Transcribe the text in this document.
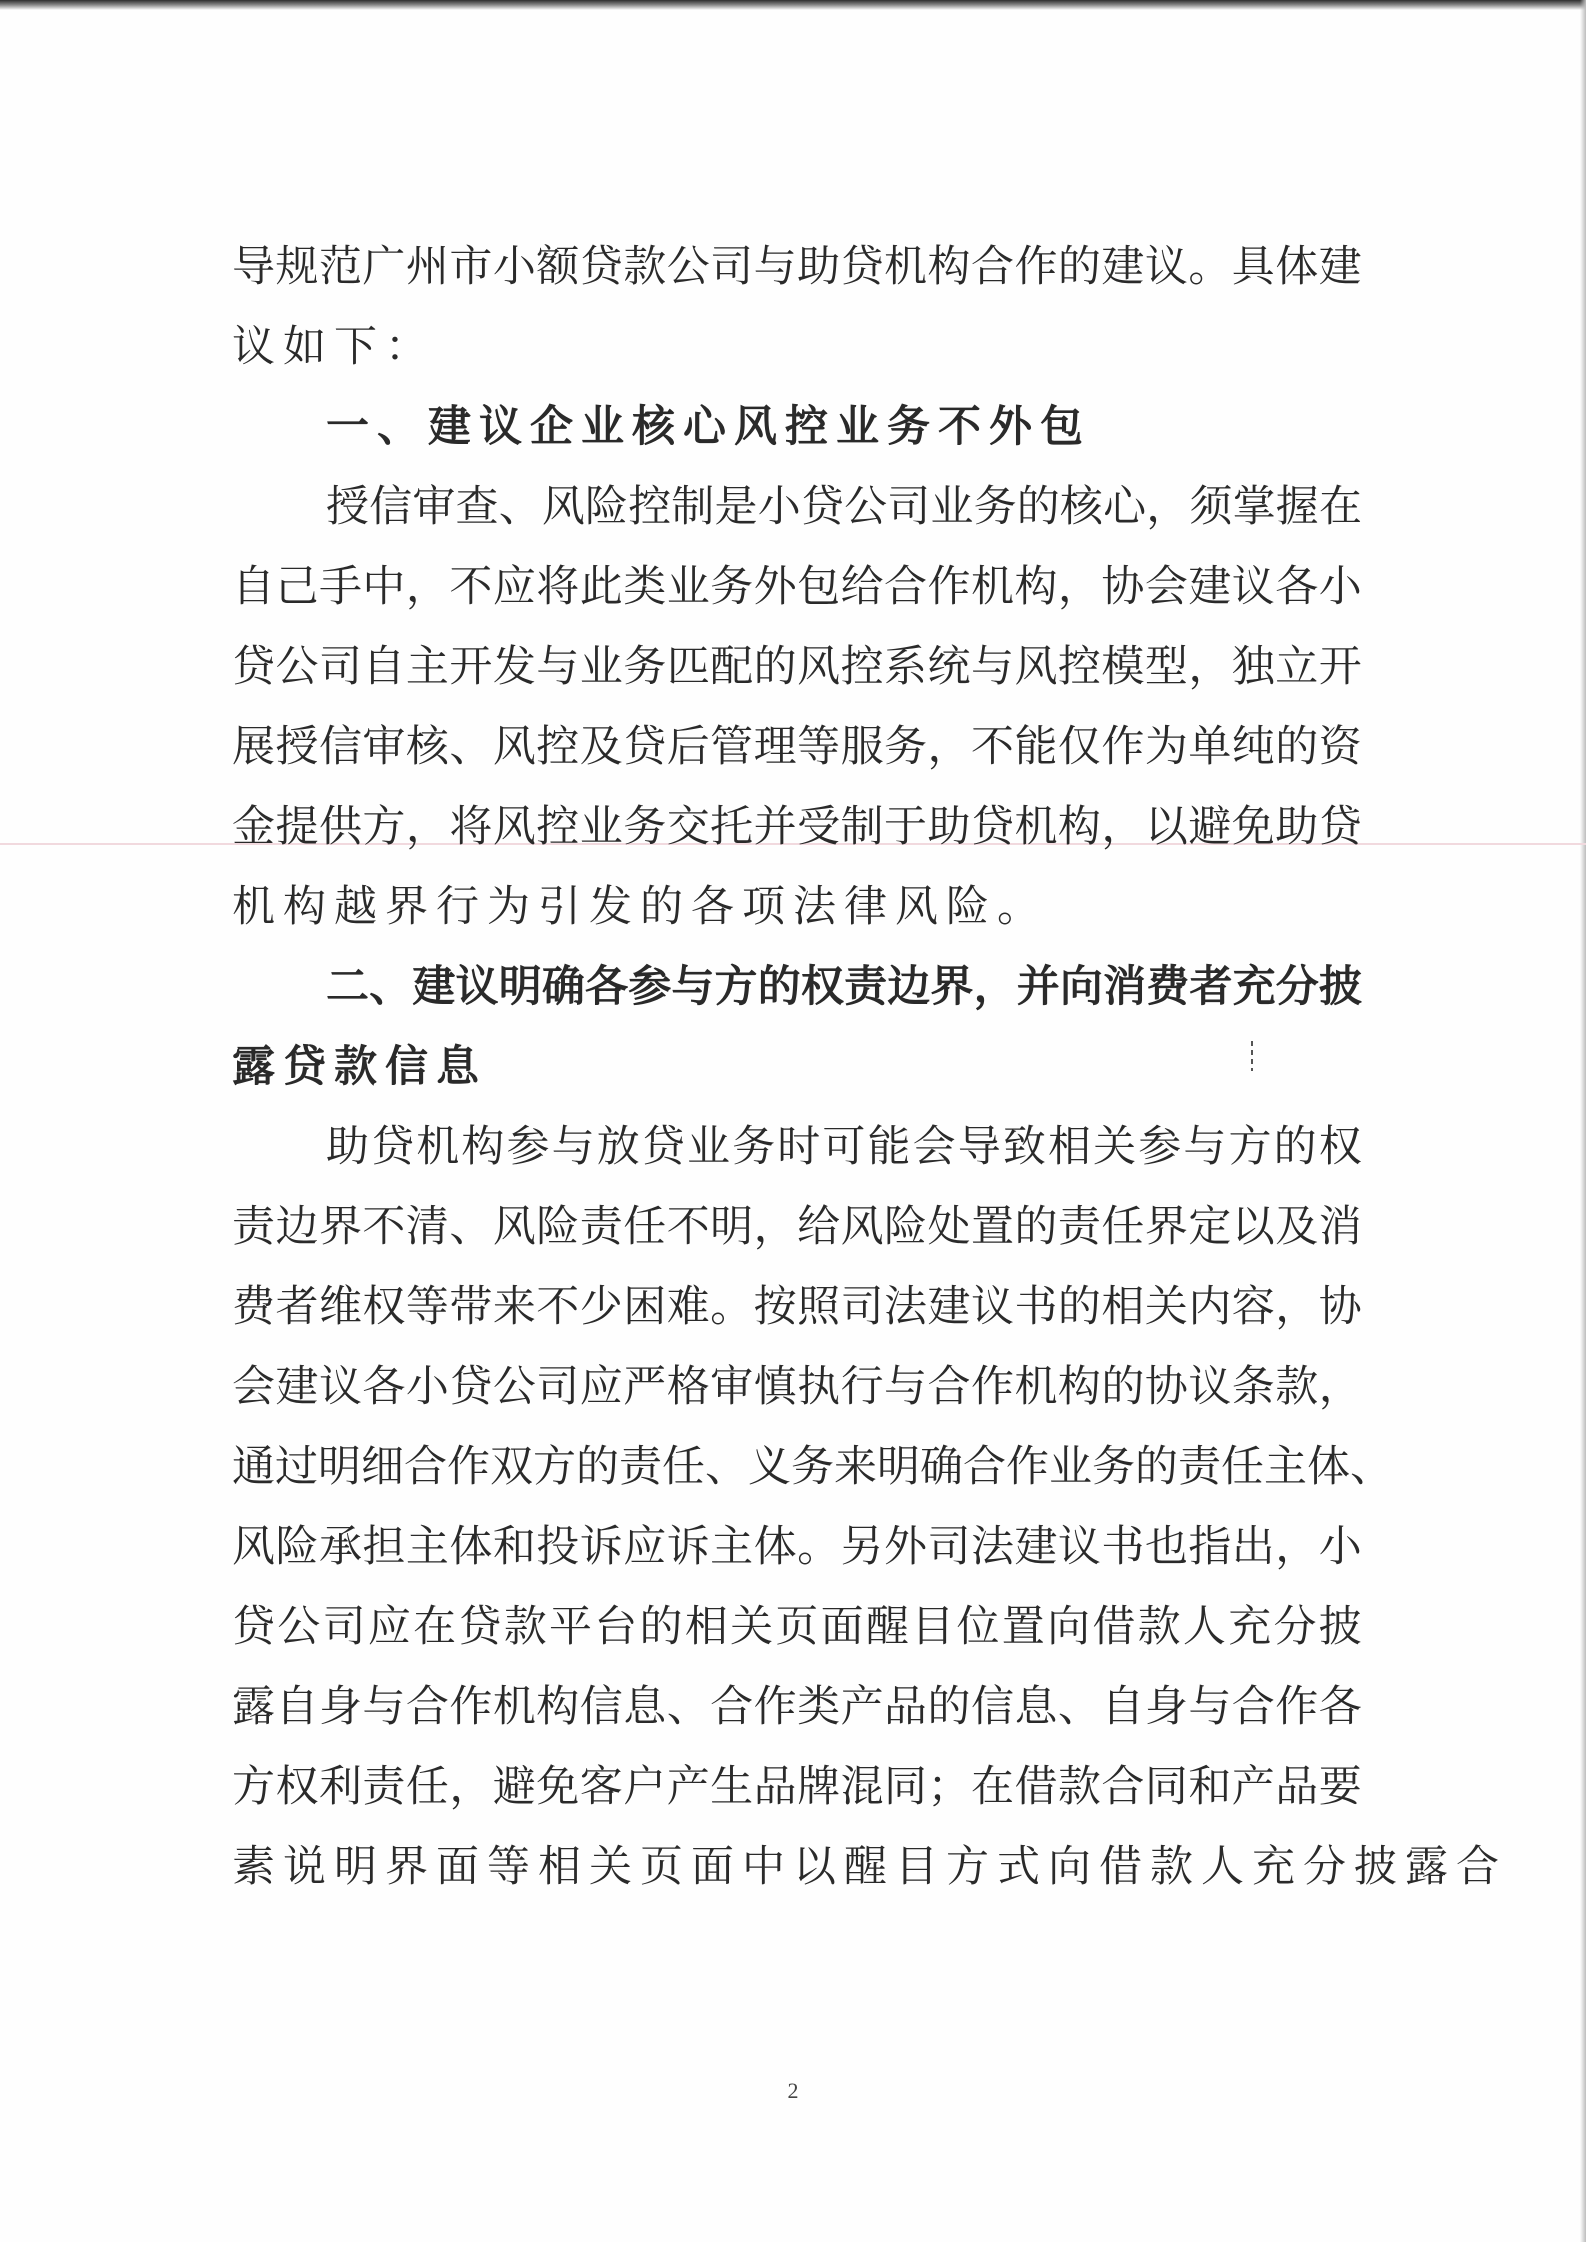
导 规 范 广 州 市 小 额 贷 款 公 司 与 助 贷 机 构 合 作 的 建 议 。 具 体 建
议如下：
一、建议企业核心风控业务不外包
授 信 审 查 、 风 险 控 制 是 小 贷 公 司 业 务 的 核 心 ， 须 掌 握 在
自 己 手 中 ， 不 应 将 此 类 业 务 外 包 给 合 作 机 构 ， 协 会 建 议 各 小
贷 公 司 自 主 开 发 与 业 务 匹 配 的 风 控 系 统 与 风 控 模 型 ， 独 立 开
展 授 信 审 核 、 风 控 及 贷 后 管 理 等 服 务 ， 不 能 仅 作 为 单 纯 的 资
金 提 供 方 ， 将 风 控 业 务 交 托 并 受 制 于 助 贷 机 构 ， 以 避 免 助 贷
机构越界行为引发的各项法律风险。
二 、 建 议 明 确 各 参 与 方 的 权 责 边 界 ， 并 向 消 费 者 充 分 披
露贷款信息
助 贷 机 构 参 与 放 贷 业 务 时 可 能 会 导 致 相 关 参 与 方 的 权
责 边 界 不 清 、 风 险 责 任 不 明 ， 给 风 险 处 置 的 责 任 界 定 以 及 消
费 者 维 权 等 带 来 不 少 困 难 。 按 照 司 法 建 议 书 的 相 关 内 容 ， 协
会 建 议 各 小 贷 公 司 应 严 格 审 慎 执 行 与 合 作 机 构 的 协 议 条 款 ，
通 过 明 细 合 作 双 方 的 责 任 、 义 务 来 明 确 合 作 业 务 的 责 任 主 体 、
风 险 承 担 主 体 和 投 诉 应 诉 主 体 。 另 外 司 法 建 议 书 也 指 出 ， 小
贷 公 司 应 在 贷 款 平 台 的 相 关 页 面 醒 目 位 置 向 借 款 人 充 分 披
露 自 身 与 合 作 机 构 信 息 、 合 作 类 产 品 的 信 息 、 自 身 与 合 作 各
方 权 利 责 任 ， 避 免 客 户 产 生 品 牌 混 同 ； 在 借 款 合 同 和 产 品 要
素说明界面等相关页面中以醒目方式向借款人充分披露合
2
